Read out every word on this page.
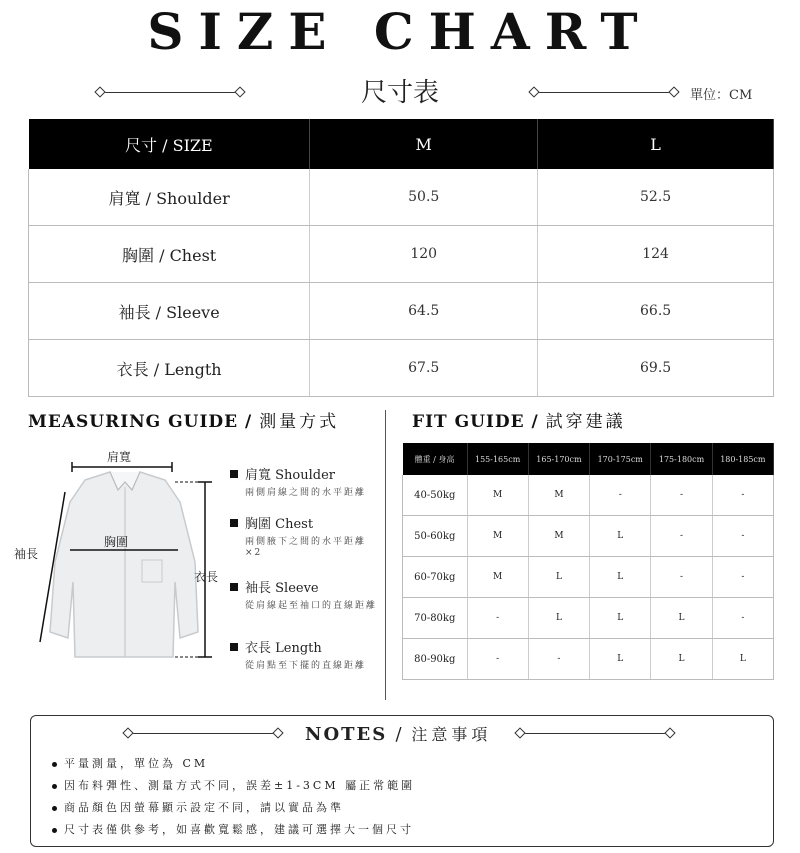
SIZE CHART
尺寸表	單位：CM
尺寸 / SIZE	M	L
肩寬 / Shoulder	50.5	52.5
胸圍 / Chest	120	124
袖長 / Sleeve	64.5	66.5
衣長 / Length	67.5	69.5
MEASURING GUIDE / 測量方式
肩寬
胸圍
袖長
衣長
肩寬 Shoulder
兩側肩線之間的水平距離
胸圍 Chest
兩側腋下之間的水平距離
×2
袖長 Sleeve
從肩線起至袖口的直線距離
衣長 Length
從肩點至下擺的直線距離
FIT GUIDE / 試穿建議
體重 / 身高	155-165cm	165-170cm	170-175cm	175-180cm	180-185cm
40-50kg	M	M	-	-	-
50-60kg	M	M	L	-	-
60-70kg	M	L	L	-	-
70-80kg	-	L	L	L	-
80-90kg	-	-	L	L	L
NOTES / 注意事項
平量測量，單位為 CM
因布料彈性、測量方式不同，誤差±1-3CM 屬正常範圍
商品顏色因螢幕顯示設定不同，請以實品為準
尺寸表僅供參考，如喜歡寬鬆感，建議可選擇大一個尺寸
